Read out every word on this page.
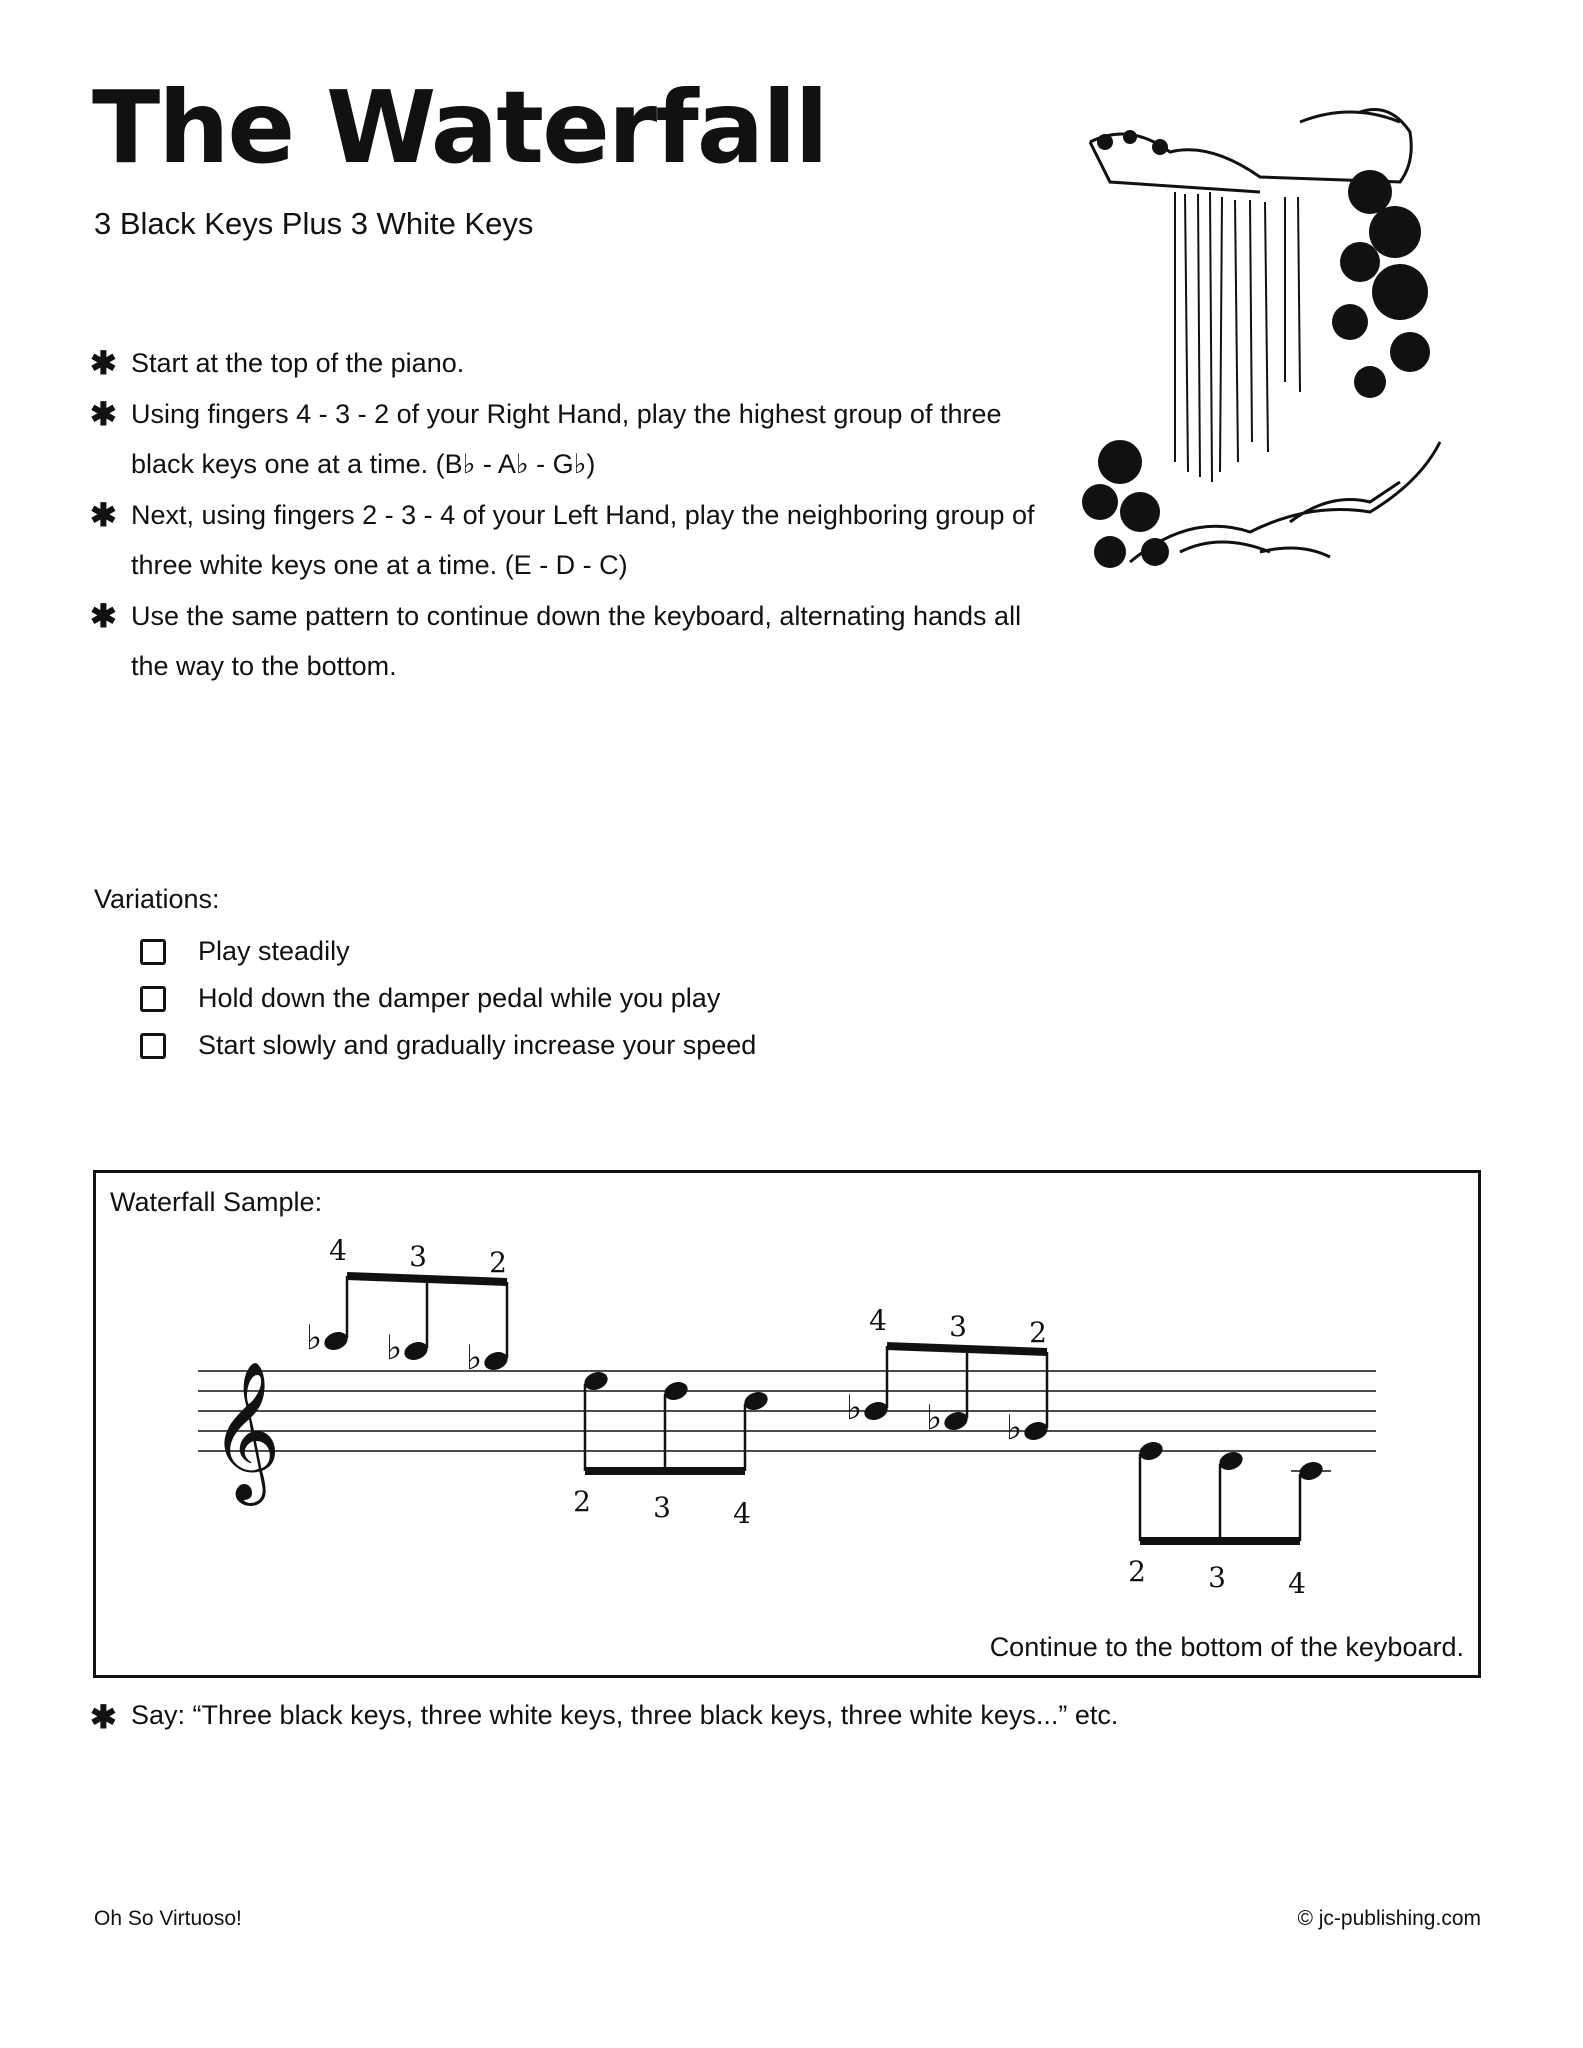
The Waterfall
3 Black Keys Plus 3 White Keys
✱ Start at the top of the piano.
✱ Using fingers 4 - 3 - 2 of your Right Hand, play the highest group of three black keys one at a time. (B♭ - A♭ - G♭)
✱ Next, using fingers 2 - 3 - 4 of your Left Hand, play the neighboring group of three white keys one at a time. (E - D - C)
✱ Use the same pattern to continue down the keyboard, alternating hands all the way to the bottom.
Variations:
Play steadily
Hold down the damper pedal while you play
Start slowly and gradually increase your speed
Waterfall Sample:
𝄞
♭ ♭ ♭
4 3 2
2 3 4
♭ ♭ ♭
4 3 2
2 3 4
Continue to the bottom of the keyboard.
✱ Say: “Three black keys, three white keys, three black keys, three white keys...” etc.
Oh So Virtuoso!	© jc-publishing.com
